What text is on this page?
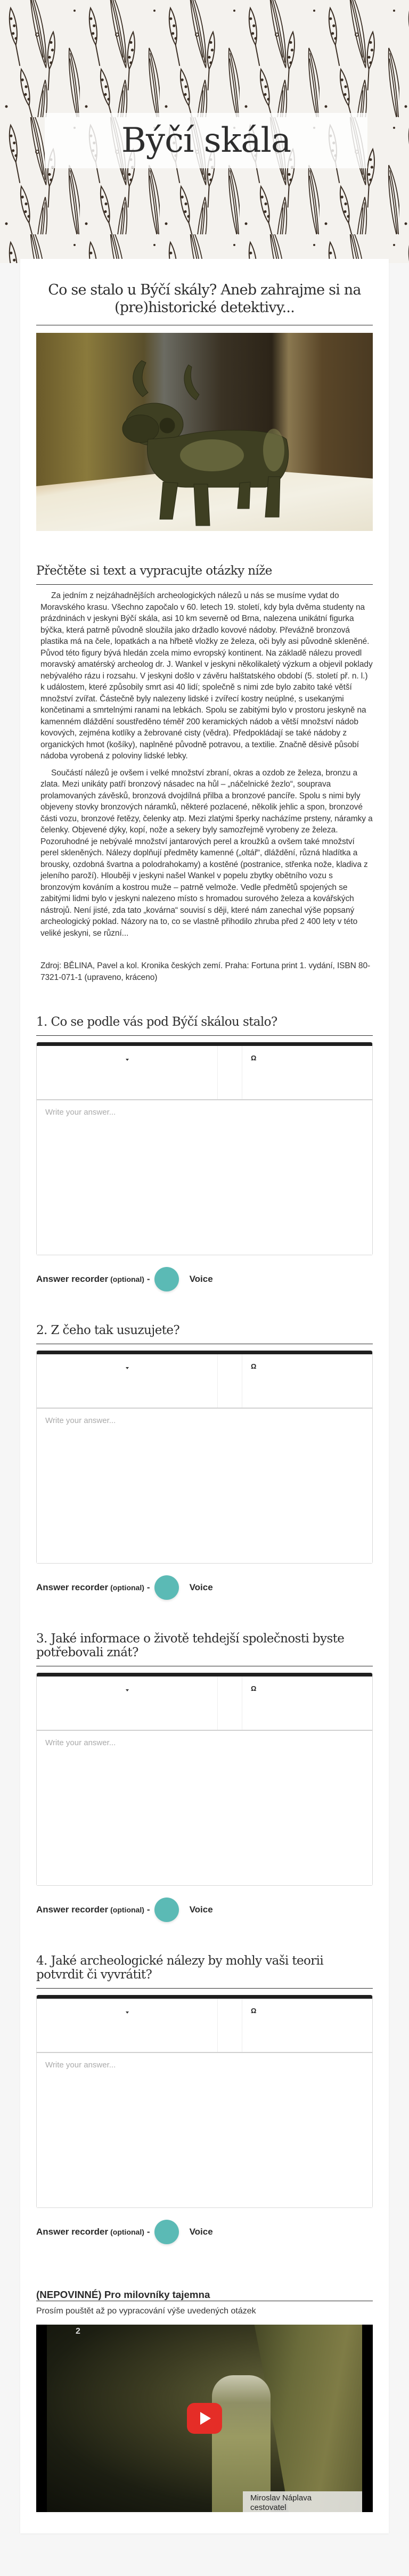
Býčí skála
Co se stalo u Býčí skály? Aneb zahrajme si na (pre)historické detektivy...
Přečtěte si text a vypracujte otázky níže

Za jedním z nejzáhadnějších archeologických nálezů u nás se musíme vydat do Moravského krasu. Všechno započalo v 60. letech 19. století, kdy byla dvěma studenty na prázdninách v jeskyni Býčí skála, asi 10 km severně od Brna, nalezena unikátní figurka býčka, která patrně původně sloužila jako držadlo kovové nádoby. Převážně bronzová plastika má na čele, lopatkách a na hřbetě vložky ze železa, oči byly asi původně skleněné. Původ této figury bývá hledán zcela mimo evropský kontinent. Na základě nálezu provedl moravský amatérský archeolog dr. J. Wankel v jeskyni několikaletý výzkum a objevil poklady nebývalého rázu i rozsahu. V jeskyni došlo v závěru halštatského období (5. století př. n. l.) k událostem, které způsobily smrt asi 40 lidí; společně s nimi zde bylo zabito také větší množství zvířat. Částečně byly nalezeny lidské i zvířecí kostry neúplné, s usekanými končetinami a smrtelnými ranami na lebkách. Spolu se zabitými bylo v prostoru jeskyně na kamenném dláždění soustředěno téměř 200 keramických nádob a větší množství nádob kovových, zejména kotlíky a žebrované cisty (vědra). Předpokládají se také nádoby z organických hmot (košíky), naplněné původně potravou, a textilie. Značně děsivě působí nádoba vyrobená z poloviny lidské lebky.

Součástí nálezů je ovšem i velké množství zbraní, okras a ozdob ze železa, bronzu a zlata. Mezi unikáty patří bronzový násadec na hůl – „náčelnické žezlo“, souprava prolamovaných závěsků, bronzová dvojdílná přilba a bronzové pancíře. Spolu s nimi byly objeveny stovky bronzových náramků, některé pozlacené, několik jehlic a spon, bronzové části vozu, bronzové řetězy, čelenky atp. Mezi zlatými šperky nacházíme prsteny, náramky a čelenky. Objevené dýky, kopí, nože a sekery byly samozřejmě vyrobeny ze železa. Pozoruhodné je nebývalé množství jantarových perel a kroužků a ovšem také množství perel skleněných. Nálezy doplňují předměty kamenné („oltář“, dláždění, různá hladítka a brousky, ozdobná švartna a polodrahokamy) a kostěné (postranice, střenka nože, kladiva z jeleního paroží). Hlouběji v jeskyni našel Wankel v popelu zbytky obětního vozu s bronzovým kováním a kostrou muže – patrně velmože. Vedle předmětů spojených se zabitými lidmi bylo v jeskyni nalezeno místo s hromadou surového železa a kovářských nástrojů. Není jisté, zda tato „kovárna“ souvisí s ději, které nám zanechal výše popsaný archeologický poklad. Názory na to, co se vlastně přihodilo zhruba před 2 400 lety v této veliké jeskyni, se různí...

Zdroj: BĚLINA, Pavel a kol. Kronika českých zemí. Praha: Fortuna print 1. vydání, ISBN 80-7321-071-1 (upraveno, kráceno)

1. Co se podle vás pod Býčí skálou stalo?
Ω
Write your answer...
Answer recorder (optional) -	Voice
2. Z čeho tak usuzujete?
Ω
Write your answer...
Answer recorder (optional) -	Voice
3. Jaké informace o životě tehdejší společnosti byste potřebovali znát?
Ω
Write your answer...
Answer recorder (optional) -	Voice
4. Jaké archeologické nálezy by mohly vaši teorii potvrdit či vyvrátit?
Ω
Write your answer...
Answer recorder (optional) -	Voice
(NEPOVINNÉ) Pro milovníky tajemna

Prosím pouštět až po vypracování výše uvedených otázek

2
Miroslav Náplava
cestovatel
